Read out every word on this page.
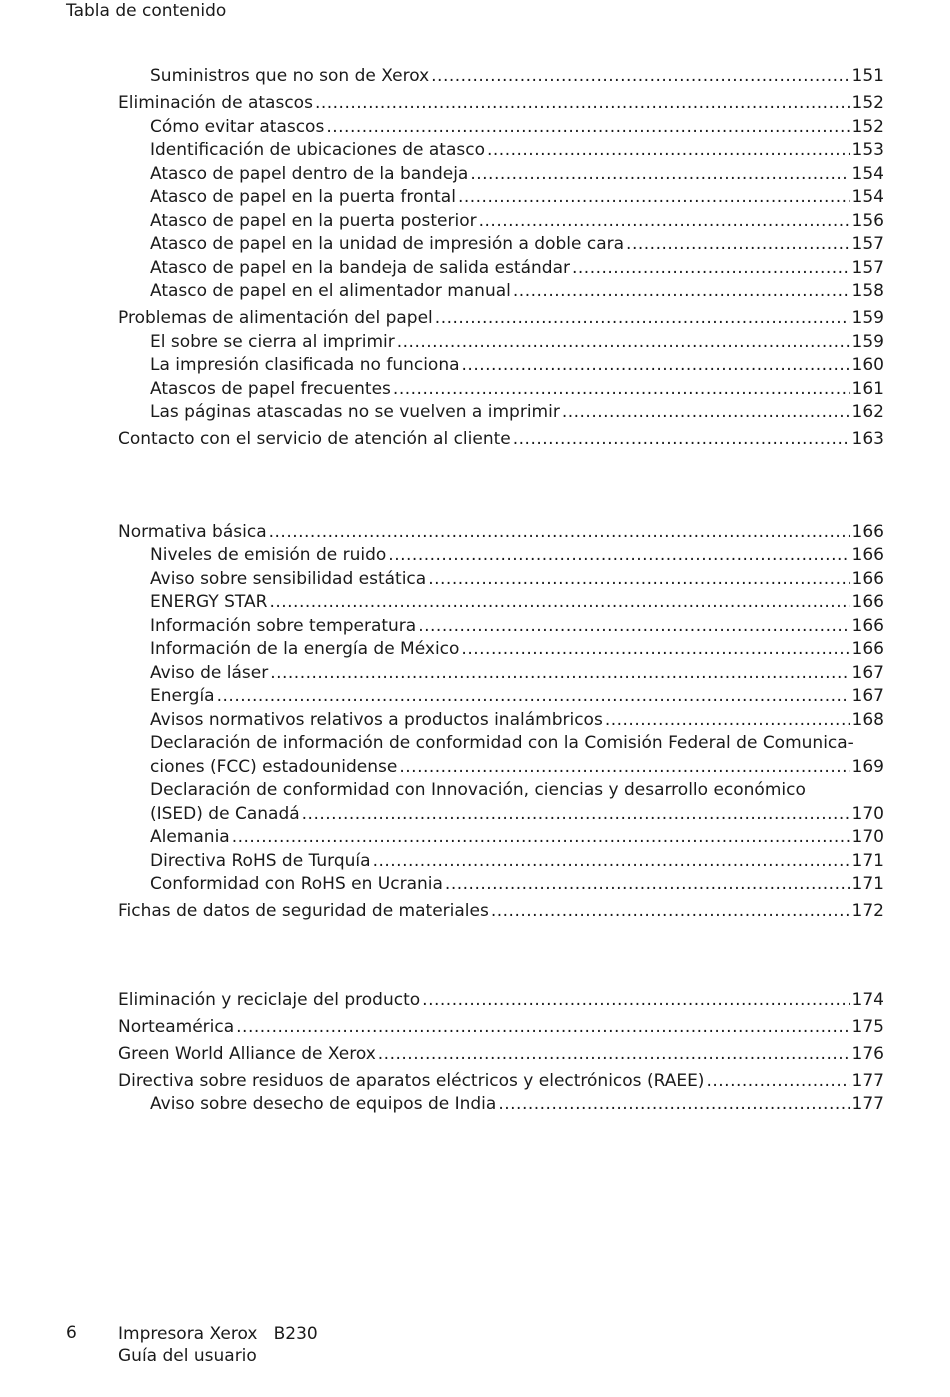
Tabla de contenido
Suministros que no son de Xerox .....	151
Eliminación de atascos .....	152
Cómo evitar atascos .....	152
Identificación de ubicaciones de atasco .....	153
Atasco de papel dentro de la bandeja .....	154
Atasco de papel en la puerta frontal .....	154
Atasco de papel en la puerta posterior .....	156
Atasco de papel en la unidad de impresión a doble cara .....	157
Atasco de papel en la bandeja de salida estándar .....	157
Atasco de papel en el alimentador manual .....	158
Problemas de alimentación del papel .....	159
El sobre se cierra al imprimir .....	159
La impresión clasificada no funciona .....	160
Atascos de papel frecuentes .....	161
Las páginas atascadas no se vuelven a imprimir .....	162
Contacto con el servicio de atención al cliente .....	163
Normativa básica .....	166
Niveles de emisión de ruido .....	166
Aviso sobre sensibilidad estática .....	166
ENERGY STAR .....	166
Información sobre temperatura .....	166
Información de la energía de México .....	166
Aviso de láser .....	167
Energía .....	167
Avisos normativos relativos a productos inalámbricos .....	168
Declaración de información de conformidad con la Comisión Federal de Comunica-
ciones (FCC) estadounidense .....	169
Declaración de conformidad con Innovación, ciencias y desarrollo económico
(ISED) de Canadá .....	170
Alemania .....	170
Directiva RoHS de Turquía .....	171
Conformidad con RoHS en Ucrania .....	171
Fichas de datos de seguridad de materiales .....	172
Eliminación y reciclaje del producto .....	174
Norteamérica .....	175
Green World Alliance de Xerox .....	176
Directiva sobre residuos de aparatos eléctricos y electrónicos (RAEE) .....	177
Aviso sobre desecho de equipos de India .....	177
6 Impresora Xerox   B230
Guía del usuario
